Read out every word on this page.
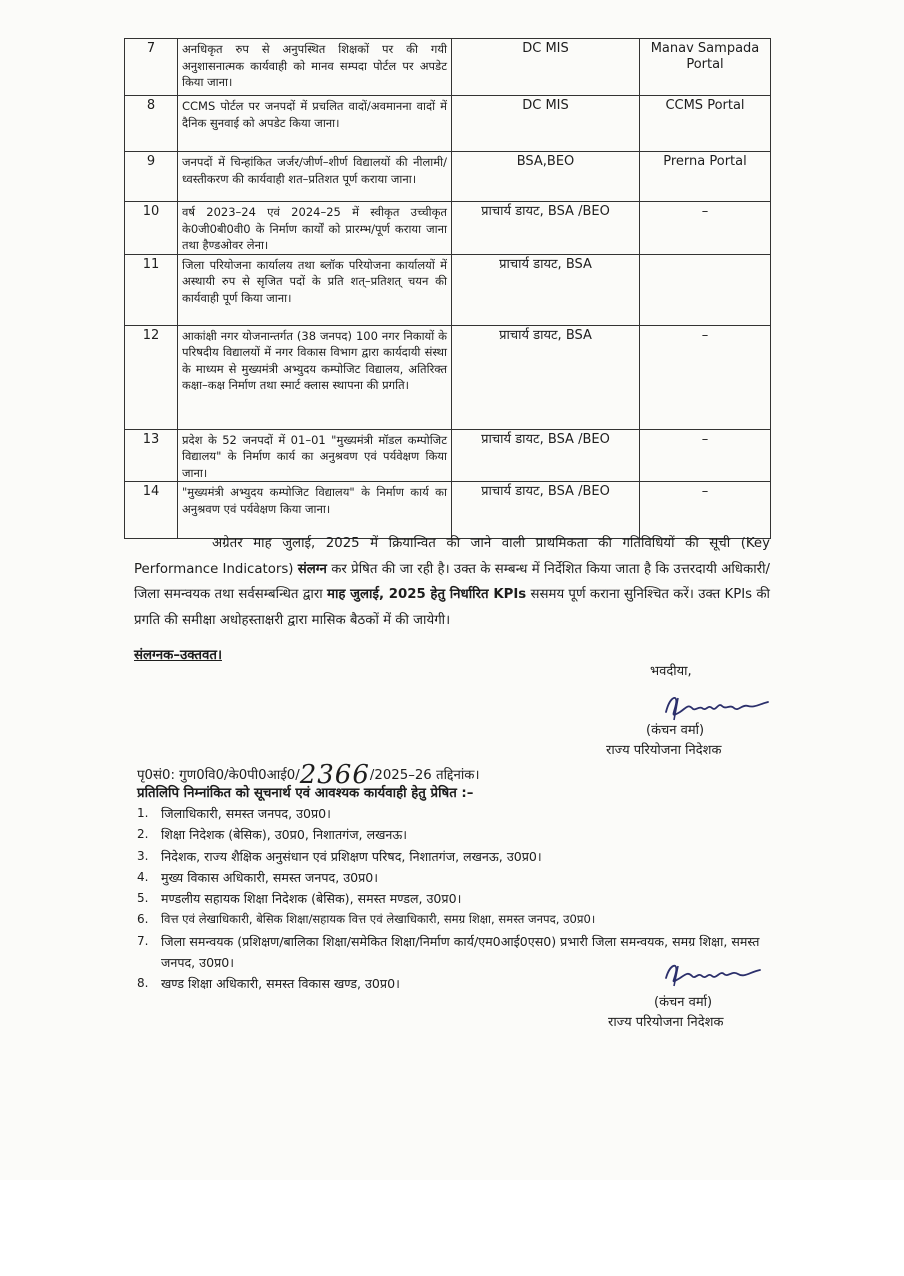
7	अनधिकृत रुप से अनुपस्थित शिक्षकों पर की गयी अनुशासनात्मक कार्यवाही को मानव सम्पदा पोर्टल पर अपडेट किया जाना।	DC MIS	Manav Sampada Portal
8	CCMS पोर्टल पर जनपदों में प्रचलित वादों/अवमानना वादों में दैनिक सुनवाई को अपडेट किया जाना।	DC MIS	CCMS Portal
9	जनपदों में चिन्हांकित जर्जर/जीर्ण–शीर्ण विद्यालयों की नीलामी/ ध्वस्तीकरण की कार्यवाही शत–प्रतिशत पूर्ण कराया जाना।	BSA,BEO	Prerna Portal
10	वर्ष 2023–24 एवं 2024–25 में स्वीकृत उच्चीकृत के0जी0बी0वी0 के निर्माण कार्यों को प्रारम्भ/पूर्ण कराया जाना तथा हैण्डओवर लेना।	प्राचार्य डायट, BSA /BEO	–
11	जिला परियोजना कार्यालय तथा ब्लॉक परियोजना कार्यालयों में अस्थायी रुप से सृजित पदों के प्रति शत्–प्रतिशत् चयन की कार्यवाही पूर्ण किया जाना।	प्राचार्य डायट, BSA	
12	आकांक्षी नगर योजनान्तर्गत (38 जनपद) 100 नगर निकायों के परिषदीय विद्यालयों में नगर विकास विभाग द्वारा कार्यदायी संस्था के माध्यम से मुख्यमंत्री अभ्युदय कम्पोजिट विद्यालय, अतिरिक्त कक्षा–कक्ष निर्माण तथा स्मार्ट क्लास स्थापना की प्रगति।	प्राचार्य डायट, BSA	–
13	प्रदेश के 52 जनपदों में 01–01 "मुख्यमंत्री मॉडल कम्पोजिट विद्यालय" के निर्माण कार्य का अनुश्रवण एवं पर्यवेक्षण किया जाना।	प्राचार्य डायट, BSA /BEO	–
14	"मुख्यमंत्री अभ्युदय कम्पोजिट विद्यालय" के निर्माण कार्य का अनुश्रवण एवं पर्यवेक्षण किया जाना।	प्राचार्य डायट, BSA /BEO	–
अग्रेतर माह जुलाई, 2025 में क्रियान्वित की जाने वाली प्राथमिकता की गतिविधियों की सूची (Key Performance Indicators) संलग्न कर प्रेषित की जा रही है। उक्त के सम्बन्ध में निर्देशित किया जाता है कि उत्तरदायी अधिकारी/जिला समन्वयक तथा सर्वसम्बन्धित द्वारा माह जुलाई, 2025 हेतु निर्धारित KPIs ससमय पूर्ण कराना सुनिश्चित करें। उक्त KPIs की प्रगति की समीक्षा अधोहस्ताक्षरी द्वारा मासिक बैठकों में की जायेगी।
संलग्नक–उक्तवत।
भवदीया,
(कंचन वर्मा)
राज्य परियोजना निदेशक
पृ0सं0: गुण0वि0/के0पी0आई0/2366/2025–26 तद्दिनांक।
प्रतिलिपि निम्नांकित को सूचनार्थ एवं आवश्यक कार्यवाही हेतु प्रेषित :–
1. जिलाधिकारी, समस्त जनपद, उ0प्र0।
2. शिक्षा निदेशक (बेसिक), उ0प्र0, निशातगंज, लखनऊ।
3. निदेशक, राज्य शैक्षिक अनुसंधान एवं प्रशिक्षण परिषद, निशातगंज, लखनऊ, उ0प्र0।
4. मुख्य विकास अधिकारी, समस्त जनपद, उ0प्र0।
5. मण्डलीय सहायक शिक्षा निदेशक (बेसिक), समस्त मण्डल, उ0प्र0।
6.	वित्त एवं लेखाधिकारी, बेसिक शिक्षा/सहायक वित्त एवं लेखाधिकारी, समग्र शिक्षा, समस्त जनपद, उ0प्र0।
7. जिला समन्वयक (प्रशिक्षण/बालिका शिक्षा/समेकित शिक्षा/निर्माण कार्य/एम0आई0एस0) प्रभारी जिला समन्वयक, समग्र शिक्षा, समस्त जनपद, उ0प्र0।
8. खण्ड शिक्षा अधिकारी, समस्त विकास खण्ड, उ0प्र0।
(कंचन वर्मा)
राज्य परियोजना निदेशक
